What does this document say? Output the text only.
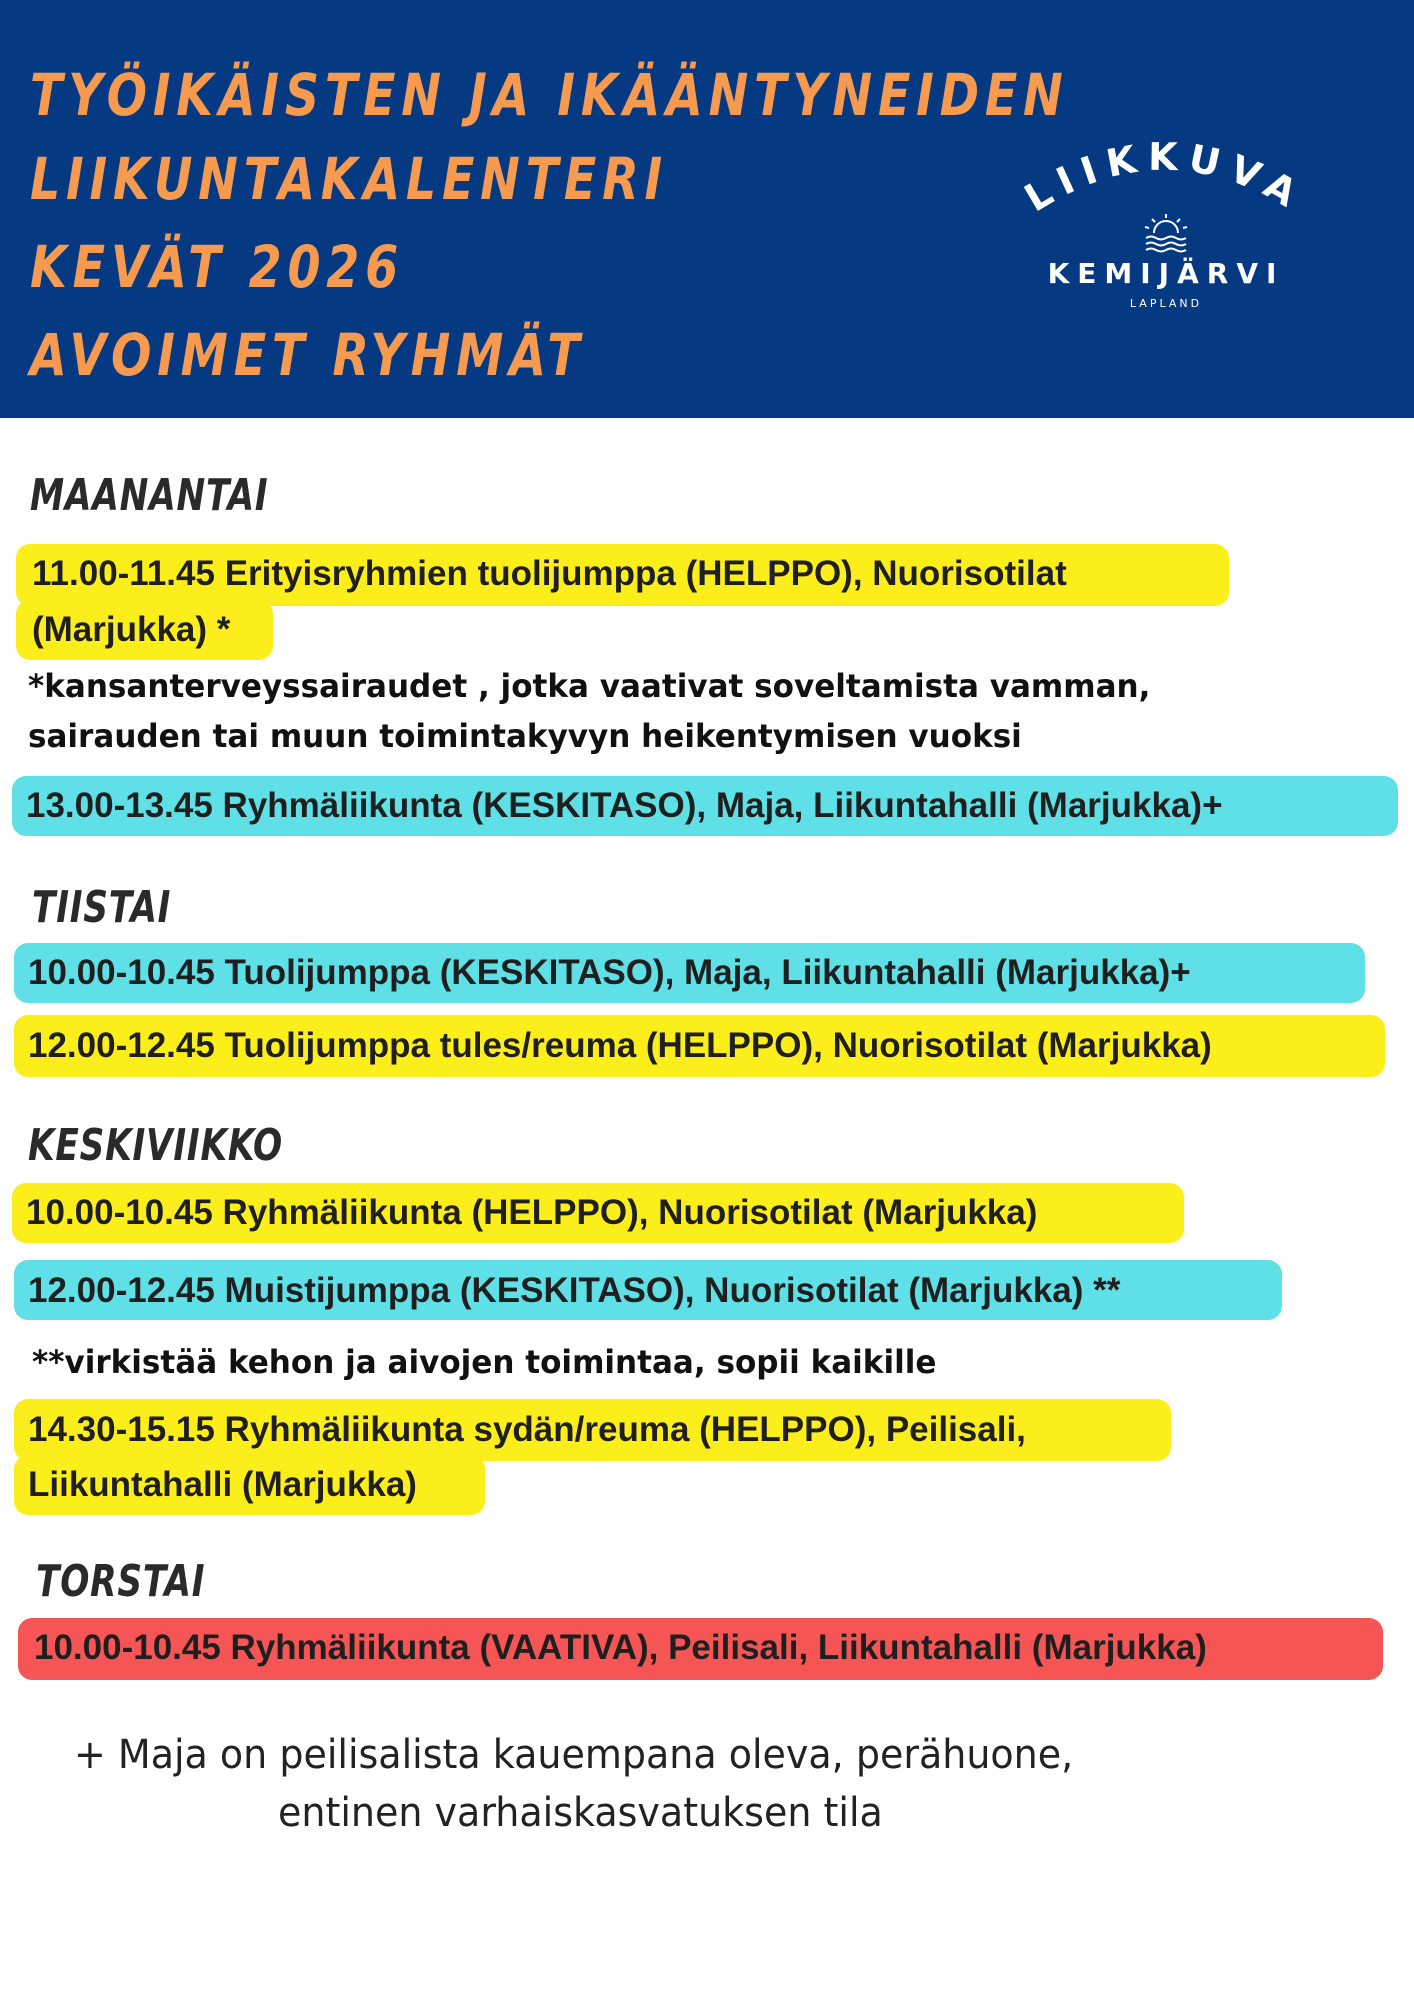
TYÖIKÄISTEN JA IKÄÄNTYNEIDEN
LIIKUNTAKALENTERI
KEVÄT 2026
AVOIMET RYHMÄT
LIIKKUVA
KEMIJÄRVI
LAPLAND
MAANANTAI
11.00-11.45 Erityisryhmien tuolijumppa (HELPPO), Nuorisotilat
(Marjukka) *
*kansanterveyssairaudet , jotka vaativat soveltamista vamman,
sairauden tai muun toimintakyvyn heikentymisen vuoksi
13.00-13.45 Ryhmäliikunta (KESKITASO), Maja, Liikuntahalli (Marjukka)+
TIISTAI
10.00-10.45 Tuolijumppa (KESKITASO), Maja, Liikuntahalli (Marjukka)+
12.00-12.45 Tuolijumppa tules/reuma (HELPPO), Nuorisotilat (Marjukka)
KESKIVIIKKO
10.00-10.45 Ryhmäliikunta (HELPPO), Nuorisotilat (Marjukka)
12.00-12.45 Muistijumppa (KESKITASO), Nuorisotilat (Marjukka) **
**virkistää kehon ja aivojen toimintaa, sopii kaikille
14.30-15.15 Ryhmäliikunta sydän/reuma (HELPPO), Peilisali,
Liikuntahalli (Marjukka)
TORSTAI
10.00-10.45 Ryhmäliikunta (VAATIVA), Peilisali, Liikuntahalli (Marjukka)
+ Maja on peilisalista kauempana oleva, perähuone,
entinen varhaiskasvatuksen tila
